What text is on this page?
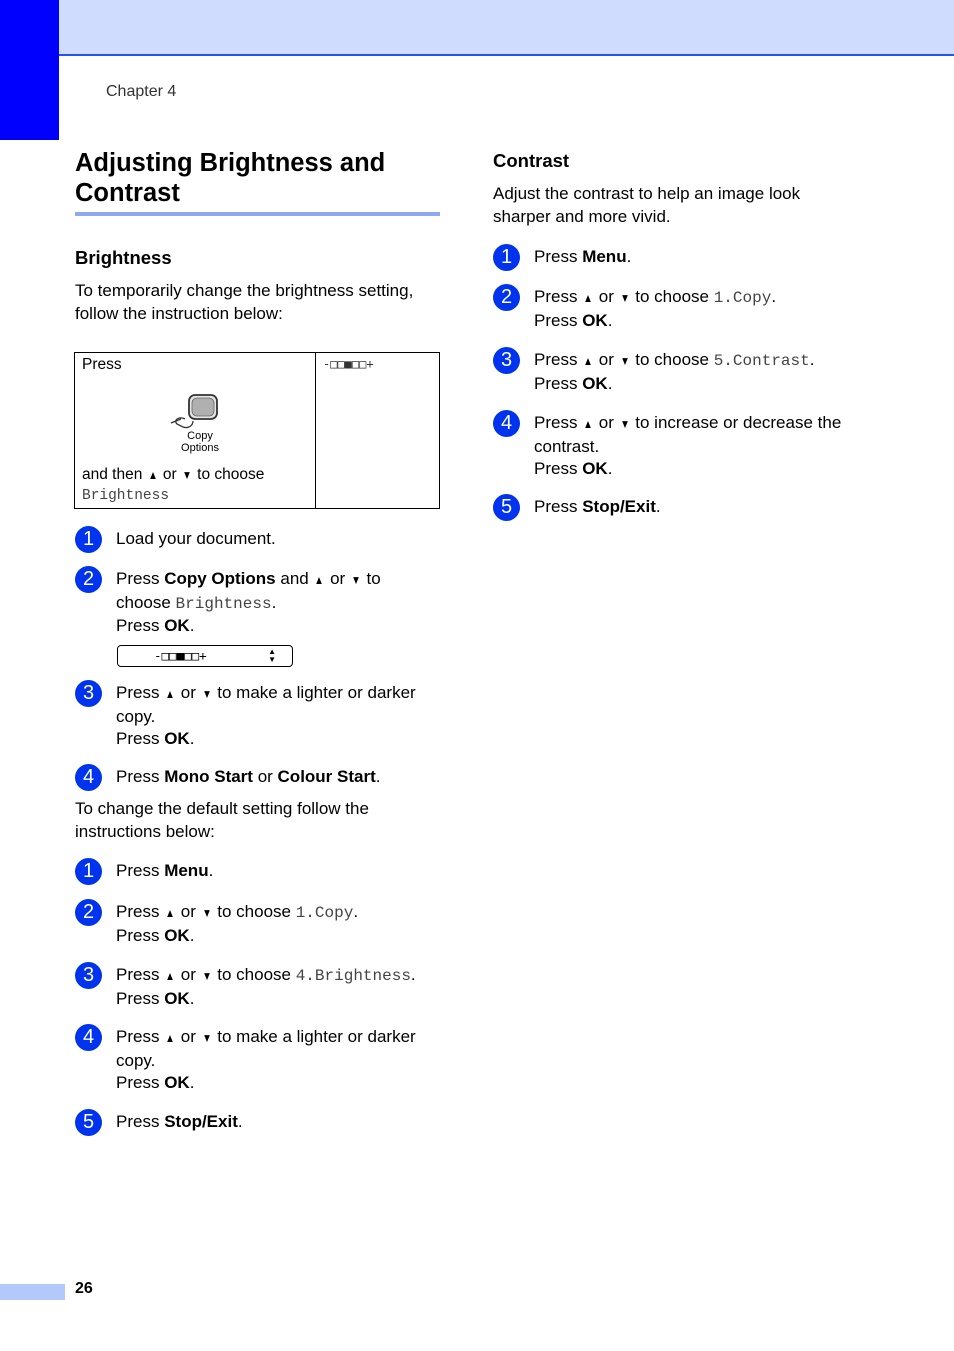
Chapter 4
Adjusting Brightness and Contrast
Brightness

To temporarily change the brightness setting, follow the instruction below:

Press
Copy
Options
and then ▲ or ▼ to choose
Brightness
-□□■□□+
1	Load your document.
2	Press Copy Options and ▲ or ▼ to
choose Brightness.
Press OK.
-□□■□□+	▲
▼
3	Press ▲ or ▼ to make a lighter or darker
copy.
Press OK.
4	Press Mono Start or Colour Start.

To change the default setting follow the instructions below:

1	Press Menu.
2	Press ▲ or ▼ to choose 1.Copy.
Press OK.
3	Press ▲ or ▼ to choose 4.Brightness.
Press OK.
4	Press ▲ or ▼ to make a lighter or darker
copy.
Press OK.
5	Press Stop/Exit.
Contrast

Adjust the contrast to help an image look sharper and more vivid.

1	Press Menu.
2	Press ▲ or ▼ to choose 1.Copy.
Press OK.
3	Press ▲ or ▼ to choose 5.Contrast.
Press OK.
4	Press ▲ or ▼ to increase or decrease the
contrast.
Press OK.
5	Press Stop/Exit.
26
